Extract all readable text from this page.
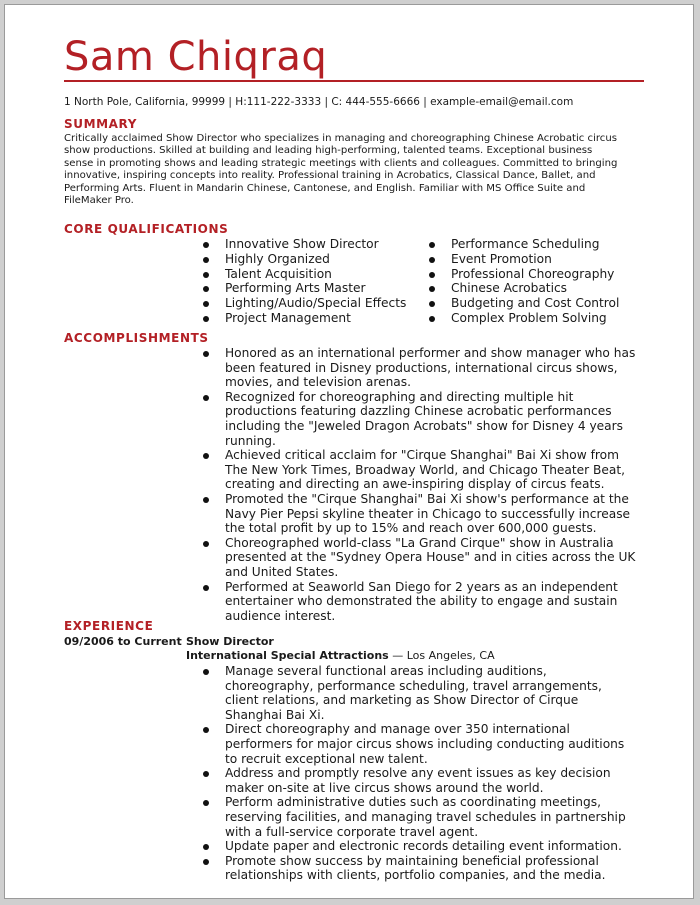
Sam Chiqraq
1 North Pole, California, 99999 | H:111-222-3333 | C: 444-555-6666 | example-email@email.com
SUMMARY
Critically acclaimed Show Director who specializes in managing and choreographing Chinese Acrobatic circus show productions. Skilled at building and leading high-performing, talented teams. Exceptional business sense in promoting shows and leading strategic meetings with clients and colleagues. Committed to bringing innovative, inspiring concepts into reality. Professional training in Acrobatics, Classical Dance, Ballet, and Performing Arts. Fluent in Mandarin Chinese, Cantonese, and English. Familiar with MS Office Suite and FileMaker Pro.
CORE QUALIFICATIONS
Innovative Show Director
Highly Organized
Talent Acquisition
Performing Arts Master
Lighting/Audio/Special Effects
Project Management
Performance Scheduling
Event Promotion
Professional Choreography
Chinese Acrobatics
Budgeting and Cost Control
Complex Problem Solving
ACCOMPLISHMENTS
Honored as an international performer and show manager who has been featured in Disney productions, international circus shows, movies, and television arenas.
Recognized for choreographing and directing multiple hit productions featuring dazzling Chinese acrobatic performances including the "Jeweled Dragon Acrobats" show for Disney 4 years running.
Achieved critical acclaim for "Cirque Shanghai" Bai Xi show from The New York Times, Broadway World, and Chicago Theater Beat, creating and directing an awe-inspiring display of circus feats.
Promoted the "Cirque Shanghai" Bai Xi show's performance at the Navy Pier Pepsi skyline theater in Chicago to successfully increase the total profit by up to 15% and reach over 600,000 guests.
Choreographed world-class "La Grand Cirque" show in Australia presented at the "Sydney Opera House" and in cities across the UK and United States.
Performed at Seaworld San Diego for 2 years as an independent entertainer who demonstrated the ability to engage and sustain audience interest.
EXPERIENCE
09/2006 to Current Show Director
International Special Attractions — Los Angeles, CA
Manage several functional areas including auditions, choreography, performance scheduling, travel arrangements, client relations, and marketing as Show Director of Cirque Shanghai Bai Xi.
Direct choreography and manage over 350 international performers for major circus shows including conducting auditions to recruit exceptional new talent.
Address and promptly resolve any event issues as key decision maker on-site at live circus shows around the world.
Perform administrative duties such as coordinating meetings, reserving facilities, and managing travel schedules in partnership with a full-service corporate travel agent.
Update paper and electronic records detailing event information.
Promote show success by maintaining beneficial professional relationships with clients, portfolio companies, and the media.
